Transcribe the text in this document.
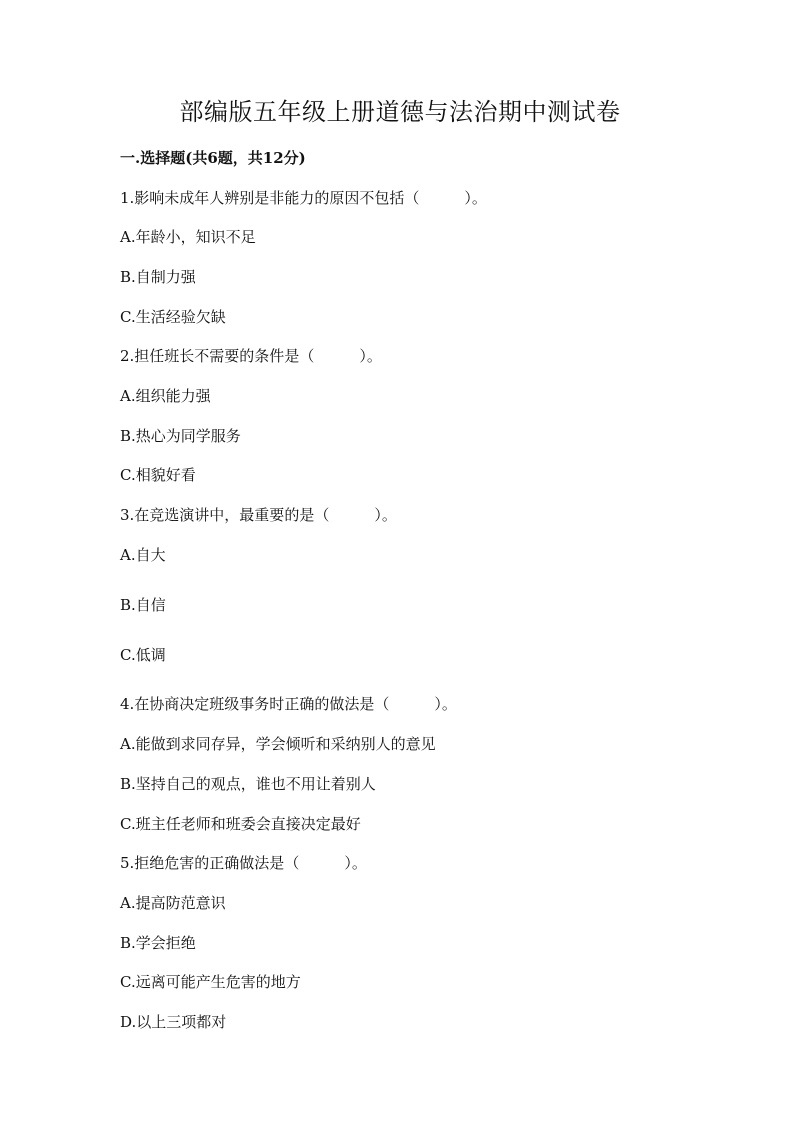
部编版五年级上册道德与法治期中测试卷
一.选择题(共6题，共12分)
1.影响未成年人辨别是非能力的原因不包括（　　　）。
A.年龄小，知识不足
B.自制力强
C.生活经验欠缺
2.担任班长不需要的条件是（　　　）。
A.组织能力强
B.热心为同学服务
C.相貌好看
3.在竞选演讲中，最重要的是（　　　）。
A.自大
B.自信
C.低调
4.在协商决定班级事务时正确的做法是（　　　）。
A.能做到求同存异，学会倾听和采纳别人的意见
B.坚持自己的观点，谁也不用让着别人
C.班主任老师和班委会直接决定最好
5.拒绝危害的正确做法是（　　　）。
A.提高防范意识
B.学会拒绝
C.远离可能产生危害的地方
D.以上三项都对
